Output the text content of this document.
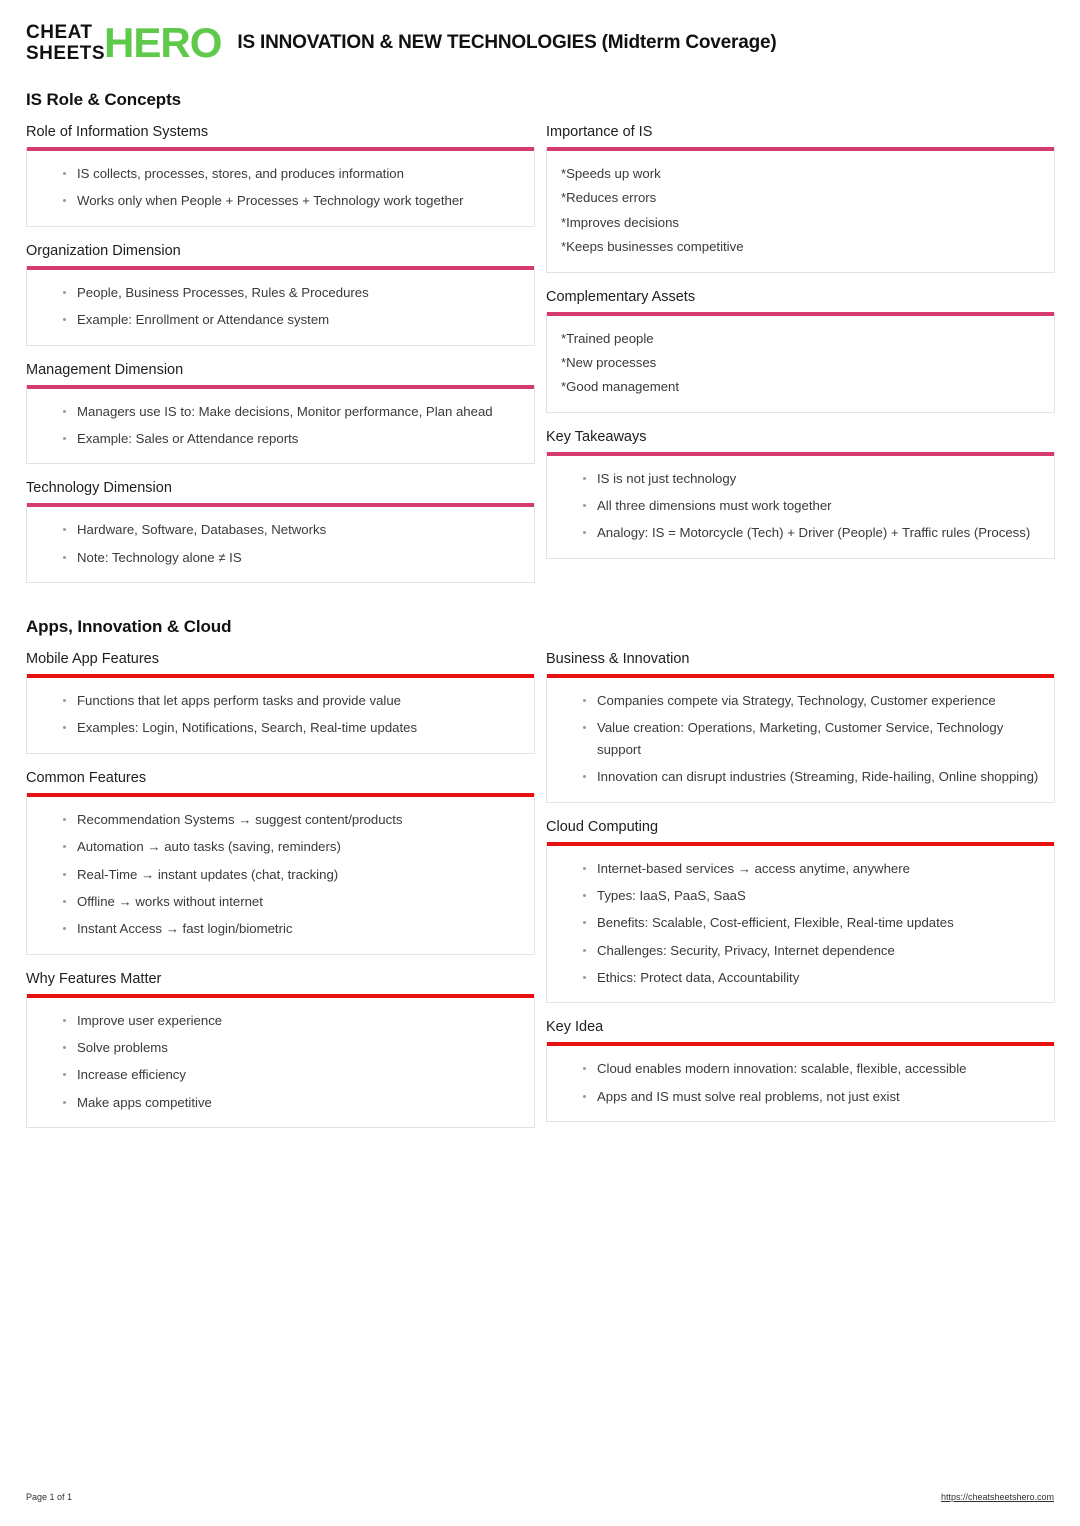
CHEAT
SHEETS HERO IS INNOVATION & NEW TECHNOLOGIES (Midterm Coverage)
IS Role & Concepts
Role of Information Systems
IS collects, processes, stores, and produces information
Works only when People + Processes + Technology work together
Organization Dimension
People, Business Processes, Rules & Procedures
Example: Enrollment or Attendance system
Management Dimension
Managers use IS to: Make decisions, Monitor performance, Plan ahead
Example: Sales or Attendance reports
Technology Dimension
Hardware, Software, Databases, Networks
Note: Technology alone ≠ IS
Importance of IS
*Speeds up work
*Reduces errors
*Improves decisions
*Keeps businesses competitive
Complementary Assets
*Trained people
*New processes
*Good management
Key Takeaways
IS is not just technology
All three dimensions must work together
Analogy: IS = Motorcycle (Tech) + Driver (People) + Traffic rules (Process)
Apps, Innovation & Cloud
Mobile App Features
Functions that let apps perform tasks and provide value
Examples: Login, Notifications, Search, Real-time updates
Common Features
Recommendation Systems → suggest content/products
Automation → auto tasks (saving, reminders)
Real-Time → instant updates (chat, tracking)
Offline → works without internet
Instant Access → fast login/biometric
Why Features Matter
Improve user experience
Solve problems
Increase efficiency
Make apps competitive
Business & Innovation
Companies compete via Strategy, Technology, Customer experience
Value creation: Operations, Marketing, Customer Service, Technology support
Innovation can disrupt industries (Streaming, Ride-hailing, Online shopping)
Cloud Computing
Internet-based services → access anytime, anywhere
Types: IaaS, PaaS, SaaS
Benefits: Scalable, Cost-efficient, Flexible, Real-time updates
Challenges: Security, Privacy, Internet dependence
Ethics: Protect data, Accountability
Key Idea
Cloud enables modern innovation: scalable, flexible, accessible
Apps and IS must solve real problems, not just exist
Page 1 of 1	https://cheatsheetshero.com
